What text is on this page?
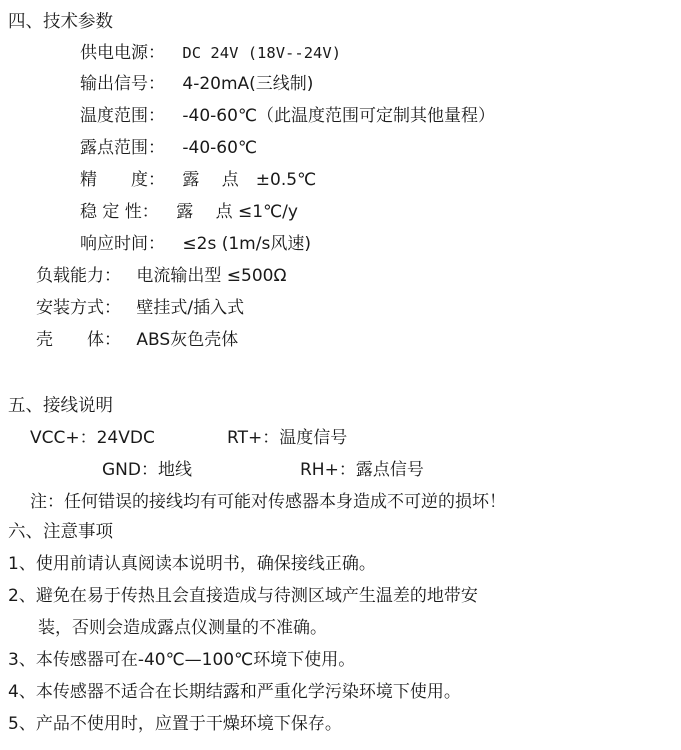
四、技术参数
供电电源： DC 24V (18V--24V)
输出信号： 4-20mA(三线制)
温度范围： -40-60℃（此温度范围可定制其他量程）
露点范围： -40-60℃
精　　度： 露　 点　±0.5℃
稳 定 性： 露　 点 ≤1℃/y
响应时间： ≤2s (1m/s风速)
负载能力： 电流输出型 ≤500Ω
安装方式： 壁挂式/插入式
壳　　体： ABS灰色壳体
五、接线说明
VCC+：24VDC	RT+：温度信号
GND：地线	RH+：露点信号
注：任何错误的接线均有可能对传感器本身造成不可逆的损坏！
六、注意事项
1、使用前请认真阅读本说明书，确保接线正确。
2、避免在易于传热且会直接造成与待测区域产生温差的地带安
装，否则会造成露点仪测量的不准确。
3、本传感器可在-40℃—100℃环境下使用。
4、本传感器不适合在长期结露和严重化学污染环境下使用。
5、产品不使用时，应置于干燥环境下保存。
